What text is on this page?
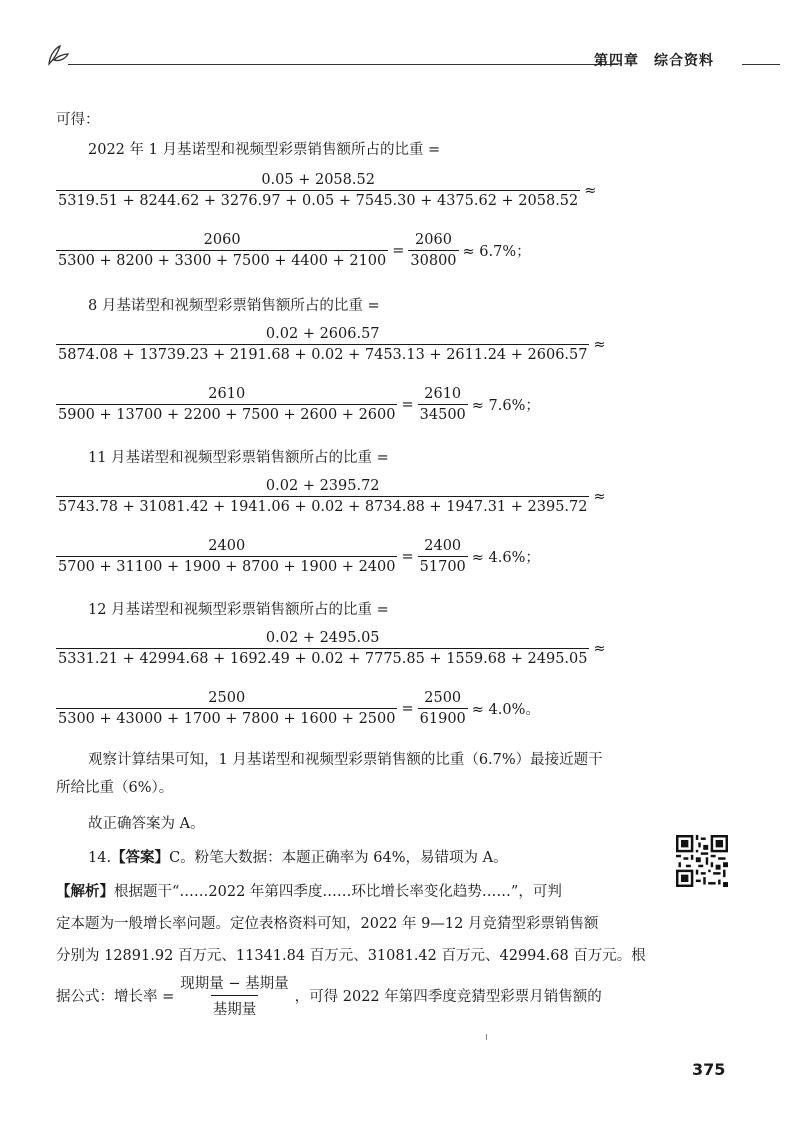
第四章　综合资料
可得：
2022 年 1 月基诺型和视频型彩票销售额所占的比重 =
0.05 + 2058.52
5319.51 + 8244.62 + 3276.97 + 0.05 + 7545.30 + 4375.62 + 2058.52
≈
$\frac{2060}{5300 + 8200 + 3300 + 7500 + 4400 + 2100} = \frac{2060}{30800} \approx 6.7\%$；
8 月基诺型和视频型彩票销售额所占的比重 =
0.02 + 2606.57
5874.08 + 13739.23 + 2191.68 + 0.02 + 7453.13 + 2611.24 + 2606.57
≈
$\frac{2610}{5900 + 13700 + 2200 + 7500 + 2600 + 2600} = \frac{2610}{34500} \approx 7.6\%$；
11 月基诺型和视频型彩票销售额所占的比重 =
0.02 + 2395.72
5743.78 + 31081.42 + 1941.06 + 0.02 + 8734.88 + 1947.31 + 2395.72
≈
$\frac{2400}{5700 + 31100 + 1900 + 8700 + 1900 + 2400} = \frac{2400}{51700} \approx 4.6\%$；
12 月基诺型和视频型彩票销售额所占的比重 =
0.02 + 2495.05
5331.21 + 42994.68 + 1692.49 + 0.02 + 7775.85 + 1559.68 + 2495.05
≈
$\frac{2500}{5300 + 43000 + 1700 + 7800 + 1600 + 2500} = \frac{2500}{61900} \approx 4.0\%$。
观察计算结果可知，1 月基诺型和视频型彩票销售额的比重（6.7%）最接近题干
所给比重（6%）。
故正确答案为 A。
14.【答案】C。粉笔大数据：本题正确率为 64%，易错项为 A。
【解析】根据题干“……2022 年第四季度……环比增长率变化趋势……”，可判
定本题为一般增长率问题。定位表格资料可知，2022 年 9—12 月竞猜型彩票销售额
分别为 12891.92 百万元、11341.84 百万元、31081.42 百万元、42994.68 百万元。根
据公式：增长率 = $\frac{\text{现期量 − 基期量}}{\text{基期量}}$ ，可得 2022 年第四季度竞猜型彩票月销售额的
375
